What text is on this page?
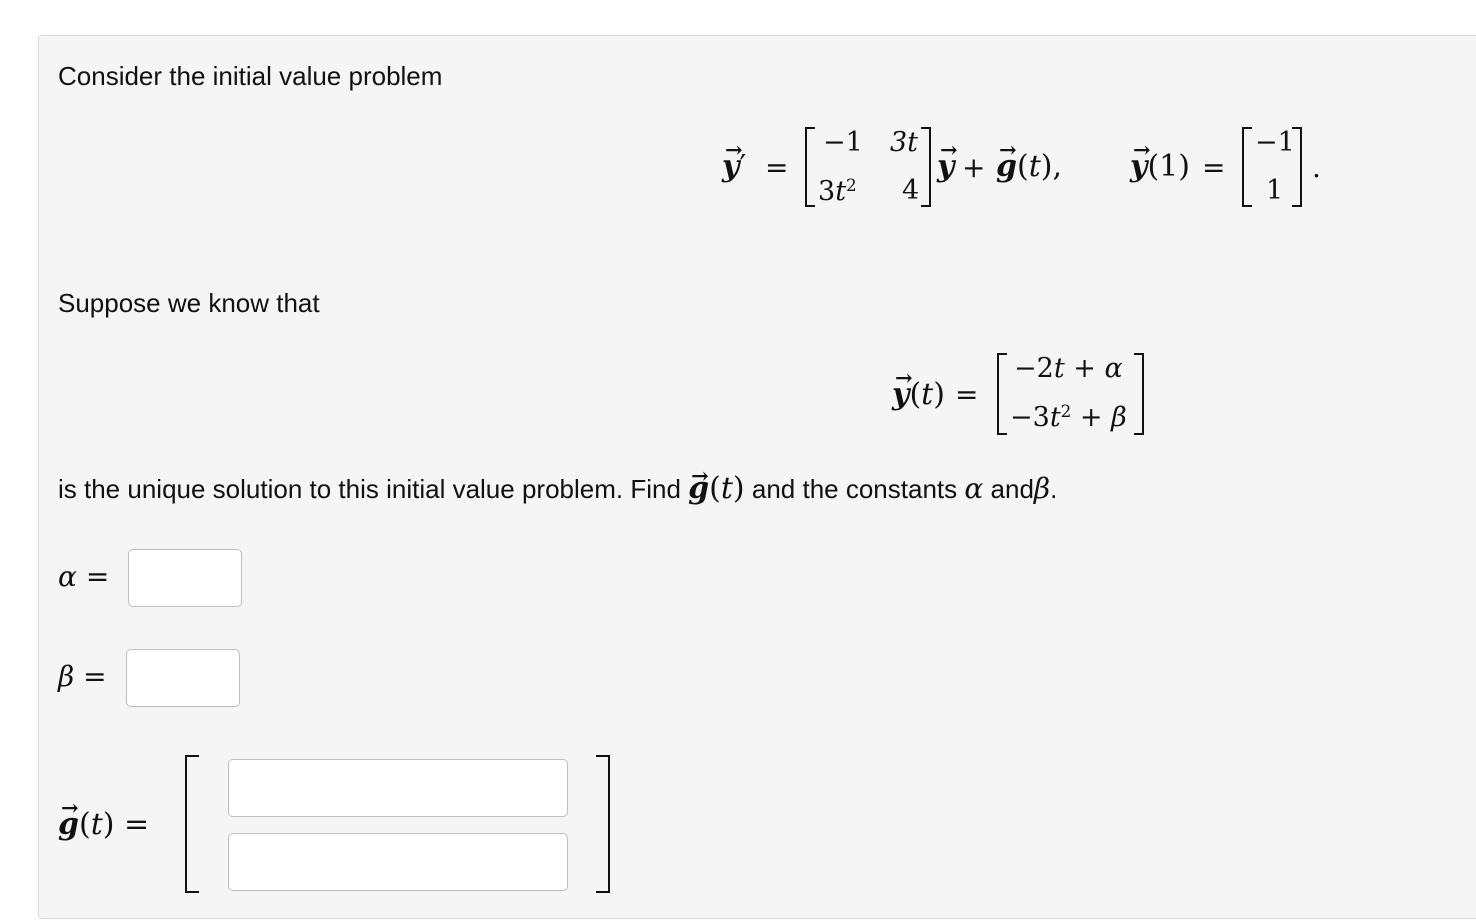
Consider the initial value problem
→ y′ =
−1 3t
$3t^2$ 4
→ y + → g(t), → y(1) =
−1
1
.
Suppose we know that
→ y(t) =
−2t + α
$-3t^2 + \beta$
is the unique solution to this initial value problem. Find → g(t) and the constants α andβ.
α =
β =
→ g(t) =
